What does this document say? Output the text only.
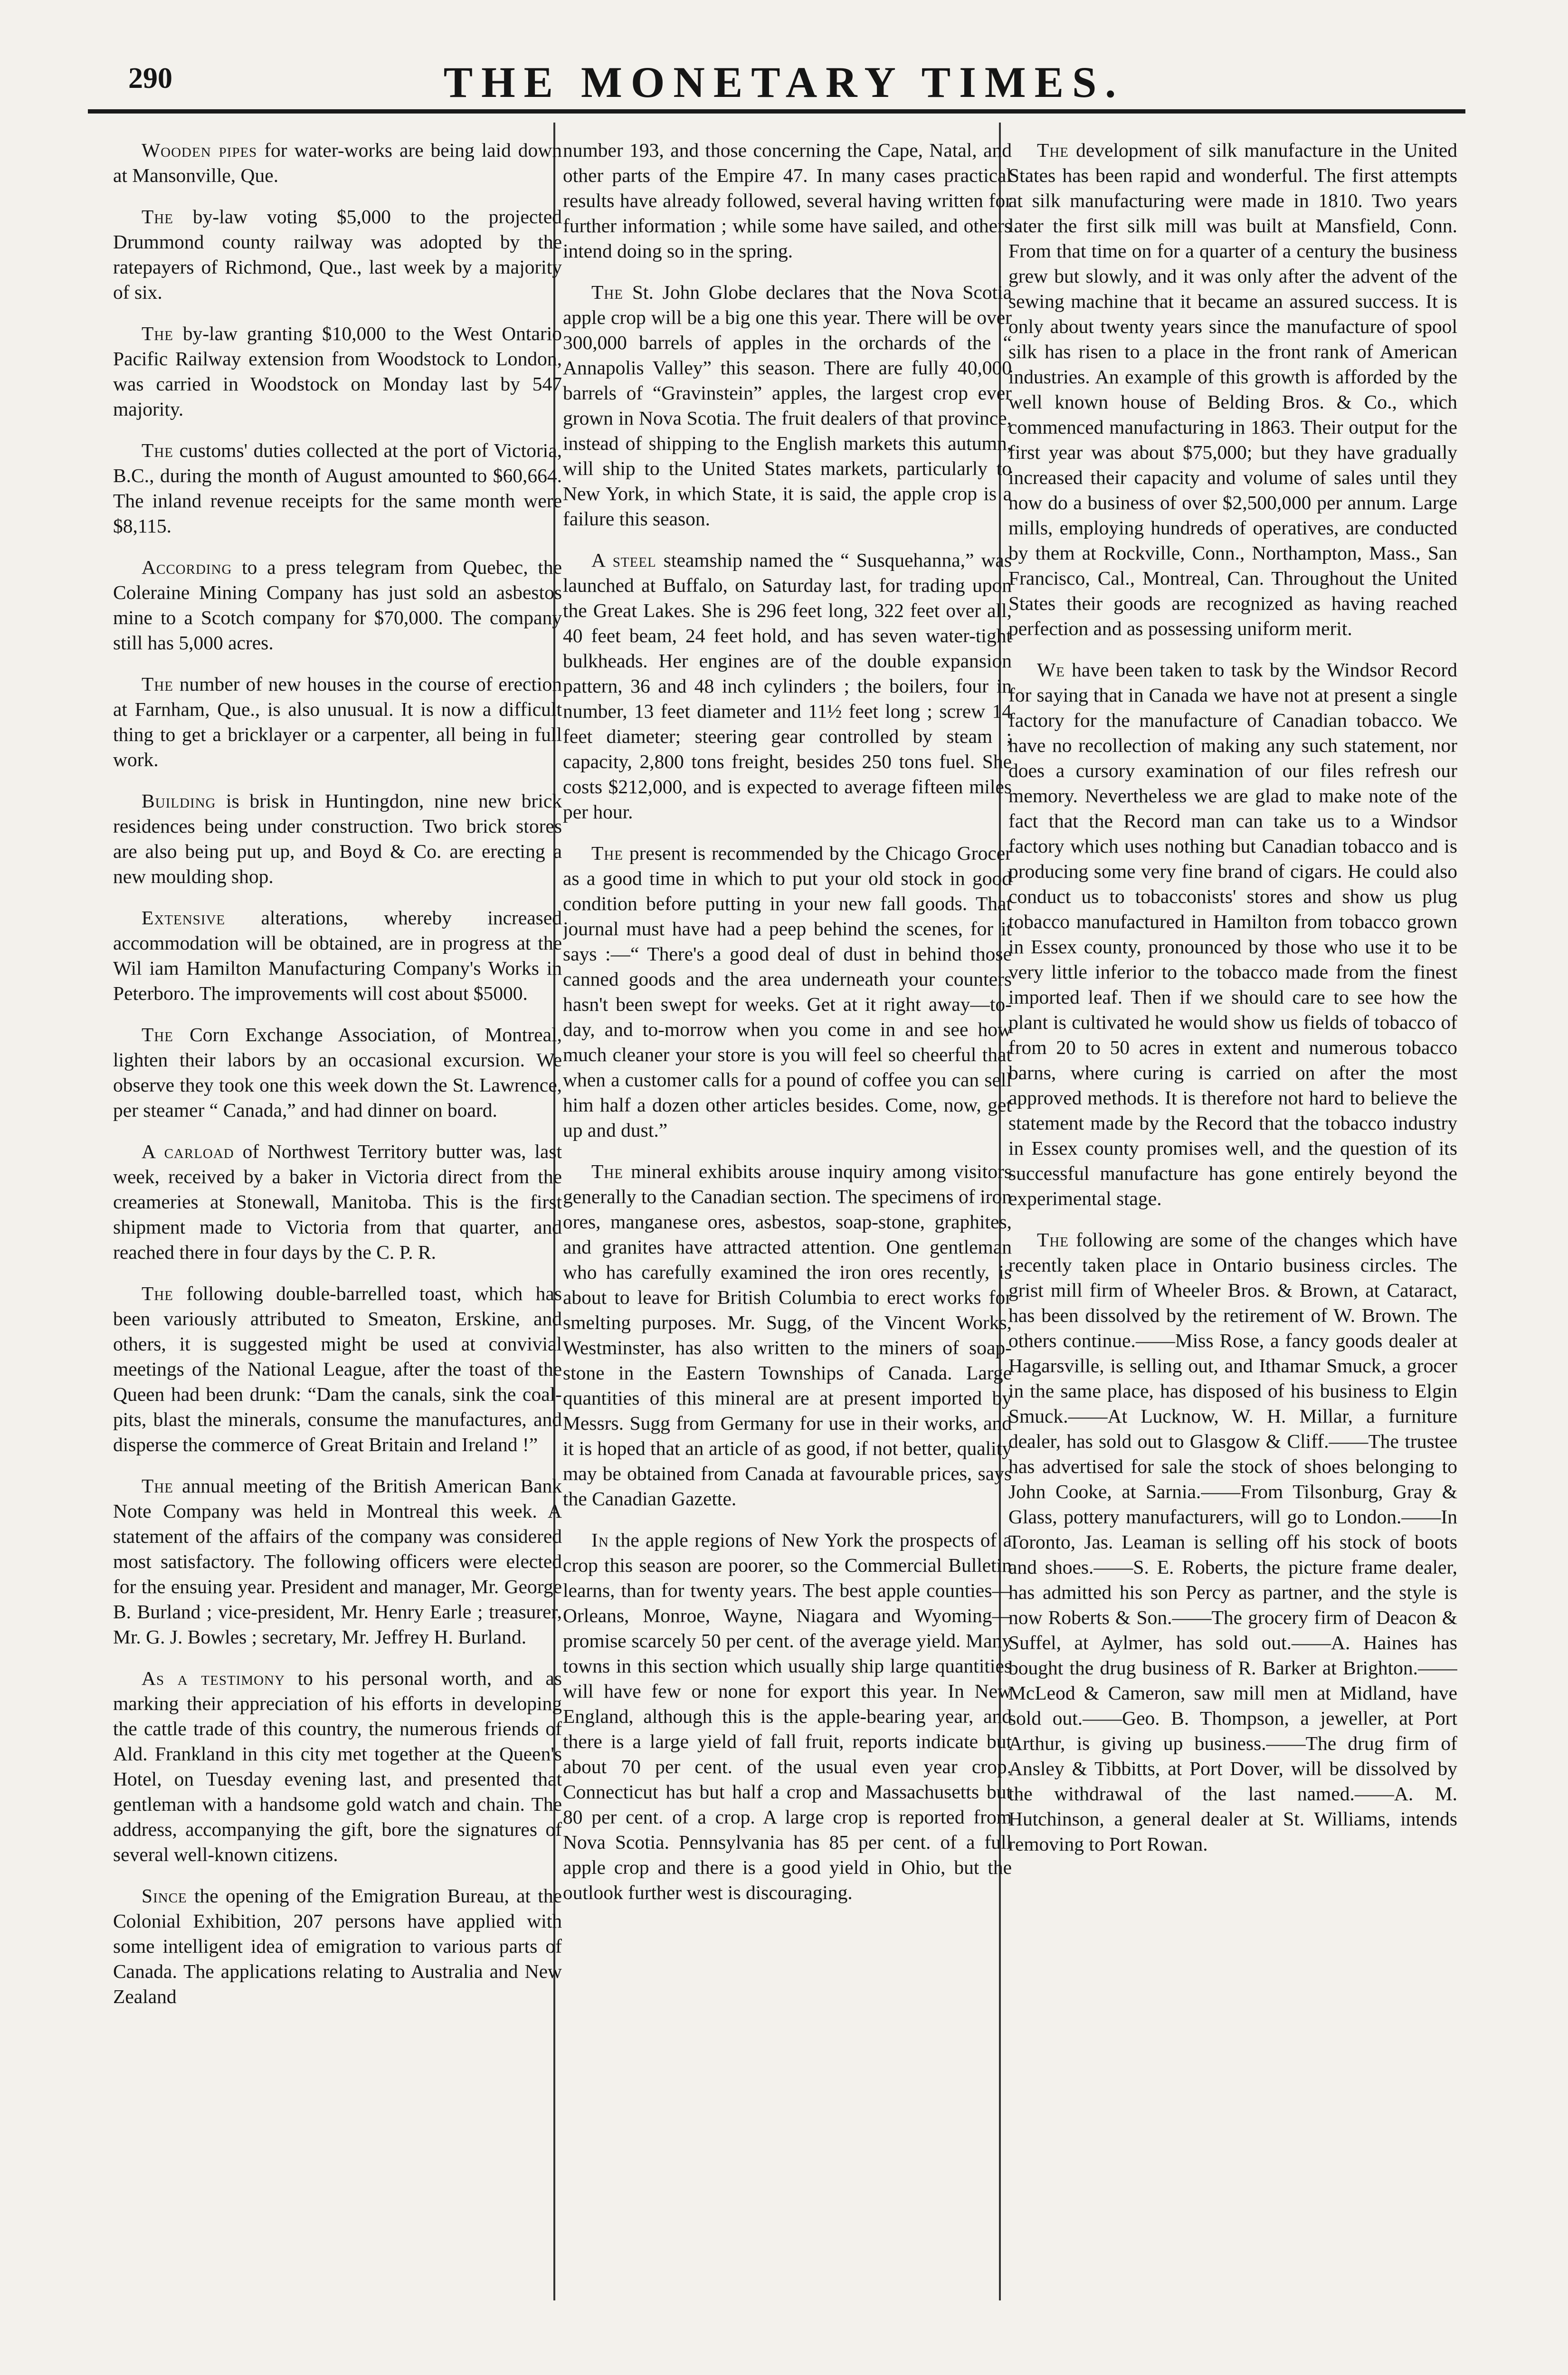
290	THE MONETARY TIMES.

Wooden pipes for water-works are being laid down at Mansonville, Que.

The by-law voting $5,000 to the projected Drummond county railway was adopted by the ratepayers of Richmond, Que., last week by a majority of six.

The by-law granting $10,000 to the West Ontario Pacific Railway extension from Woodstock to London, was carried in Woodstock on Monday last by 547 majority.

The customs' duties collected at the port of Victoria, B.C., during the month of August amounted to $60,664. The inland revenue receipts for the same month were $8,115.

According to a press telegram from Quebec, the Coleraine Mining Company has just sold an asbestos mine to a Scotch company for $70,000. The company still has 5,000 acres.

The number of new houses in the course of erection at Farnham, Que., is also unusual. It is now a difficult thing to get a bricklayer or a carpenter, all being in full work.

Building is brisk in Huntingdon, nine new brick residences being under construction. Two brick stores are also being put up, and Boyd & Co. are erecting a new moulding shop.

Extensive alterations, whereby increased accommodation will be obtained, are in progress at the Wil iam Hamilton Manufacturing Company's Works in Peterboro. The improvements will cost about $5000.

The Corn Exchange Association, of Montreal, lighten their labors by an occasional excursion. We observe they took one this week down the St. Lawrence, per steamer “ Canada,” and had dinner on board.

A carload of Northwest Territory butter was, last week, received by a baker in Victoria direct from the creameries at Stonewall, Manitoba. This is the first shipment made to Victoria from that quarter, and reached there in four days by the C. P. R.

The following double-barrelled toast, which has been variously attributed to Smeaton, Erskine, and others, it is suggested might be used at convivial meetings of the National League, after the toast of the Queen had been drunk: “Dam the canals, sink the coal-pits, blast the minerals, consume the manufactures, and disperse the commerce of Great Britain and Ireland !”

The annual meeting of the British American Bank Note Company was held in Montreal this week. A statement of the affairs of the company was considered most satisfactory. The following officers were elected for the ensuing year. President and manager, Mr. George B. Burland ; vice-president, Mr. Henry Earle ; treasurer, Mr. G. J. Bowles ; secretary, Mr. Jeffrey H. Burland.

As a testimony to his personal worth, and as marking their appreciation of his efforts in developing the cattle trade of this country, the numerous friends of Ald. Frankland in this city met together at the Queen's Hotel, on Tuesday evening last, and presented that gentleman with a handsome gold watch and chain. The address, accompanying the gift, bore the signatures of several well-known citizens.

Since the opening of the Emigration Bureau, at the Colonial Exhibition, 207 persons have applied with some intelligent idea of emigration to various parts of Canada. The applications relating to Australia and New Zealand

number 193, and those concerning the Cape, Natal, and other parts of the Empire 47. In many cases practical results have already followed, several having written for further information ; while some have sailed, and others intend doing so in the spring.

The St. John Globe declares that the Nova Scotia apple crop will be a big one this year. There will be over 300,000 barrels of apples in the orchards of the “ Annapolis Valley” this season. There are fully 40,000 barrels of “Gravinstein” apples, the largest crop ever grown in Nova Scotia. The fruit dealers of that province, instead of shipping to the English markets this autumn, will ship to the United States markets, particularly to New York, in which State, it is said, the apple crop is a failure this season.

A steel steamship named the “ Susquehanna,” was launched at Buffalo, on Saturday last, for trading upon the Great Lakes. She is 296 feet long, 322 feet over all, 40 feet beam, 24 feet hold, and has seven water-tight bulkheads. Her engines are of the double expansion pattern, 36 and 48 inch cylinders ; the boilers, four in number, 13 feet diameter and 11½ feet long ; screw 14 feet diameter; steering gear controlled by steam ; capacity, 2,800 tons freight, besides 250 tons fuel. She costs $212,000, and is expected to average fifteen miles per hour.

The present is recommended by the Chicago Grocer as a good time in which to put your old stock in good condition before putting in your new fall goods. That journal must have had a peep behind the scenes, for it says :—“ There's a good deal of dust in behind those canned goods and the area underneath your counters hasn't been swept for weeks. Get at it right away—to-day, and to-morrow when you come in and see how much cleaner your store is you will feel so cheerful that when a customer calls for a pound of coffee you can sell him half a dozen other articles besides. Come, now, get up and dust.”

The mineral exhibits arouse inquiry among visitors generally to the Canadian section. The specimens of iron ores, manganese ores, asbestos, soap-stone, graphites, and granites have attracted attention. One gentleman who has carefully examined the iron ores recently, is about to leave for British Columbia to erect works for smelting purposes. Mr. Sugg, of the Vincent Works, Westminster, has also written to the miners of soap-stone in the Eastern Townships of Canada. Large quantities of this mineral are at present imported by Messrs. Sugg from Germany for use in their works, and it is hoped that an article of as good, if not better, quality may be obtained from Canada at favourable prices, says the Canadian Gazette.

In the apple regions of New York the prospects of a crop this season are poorer, so the Commercial Bulletin learns, than for twenty years. The best apple counties—Orleans, Monroe, Wayne, Niagara and Wyoming—promise scarcely 50 per cent. of the average yield. Many towns in this section which usually ship large quantities will have few or none for export this year. In New England, although this is the apple-bearing year, and there is a large yield of fall fruit, reports indicate but about 70 per cent. of the usual even year crop. Connecticut has but half a crop and Massachusetts but 80 per cent. of a crop. A large crop is reported from Nova Scotia. Pennsylvania has 85 per cent. of a full apple crop and there is a good yield in Ohio, but the outlook further west is discouraging.

The development of silk manufacture in the United States has been rapid and wonderful. The first attempts at silk manufacturing were made in 1810. Two years later the first silk mill was built at Mansfield, Conn. From that time on for a quarter of a century the business grew but slowly, and it was only after the advent of the sewing machine that it became an assured success. It is only about twenty years since the manufacture of spool silk has risen to a place in the front rank of American industries. An example of this growth is afforded by the well known house of Belding Bros. & Co., which commenced manufacturing in 1863. Their output for the first year was about $75,000; but they have gradually increased their capacity and volume of sales until they now do a business of over $2,500,000 per annum. Large mills, employing hundreds of operatives, are conducted by them at Rockville, Conn., Northampton, Mass., San Francisco, Cal., Montreal, Can. Throughout the United States their goods are recognized as having reached perfection and as possessing uniform merit.

We have been taken to task by the Windsor Record for saying that in Canada we have not at present a single factory for the manufacture of Canadian tobacco. We have no recollection of making any such statement, nor does a cursory examination of our files refresh our memory. Nevertheless we are glad to make note of the fact that the Record man can take us to a Windsor factory which uses nothing but Canadian tobacco and is producing some very fine brand of cigars. He could also conduct us to tobacconists' stores and show us plug tobacco manufactured in Hamilton from tobacco grown in Essex county, pronounced by those who use it to be very little inferior to the tobacco made from the finest imported leaf. Then if we should care to see how the plant is cultivated he would show us fields of tobacco of from 20 to 50 acres in extent and numerous tobacco barns, where curing is carried on after the most approved methods. It is therefore not hard to believe the statement made by the Record that the tobacco industry in Essex county promises well, and the question of its successful manufacture has gone entirely beyond the experimental stage.

The following are some of the changes which have recently taken place in Ontario business circles. The grist mill firm of Wheeler Bros. & Brown, at Cataract, has been dissolved by the retirement of W. Brown. The others continue.——Miss Rose, a fancy goods dealer at Hagarsville, is selling out, and Ithamar Smuck, a grocer in the same place, has disposed of his business to Elgin Smuck.——At Lucknow, W. H. Millar, a furniture dealer, has sold out to Glasgow & Cliff.——The trustee has advertised for sale the stock of shoes belonging to John Cooke, at Sarnia.——From Tilsonburg, Gray & Glass, pottery manufacturers, will go to London.——In Toronto, Jas. Leaman is selling off his stock of boots and shoes.——S. E. Roberts, the picture frame dealer, has admitted his son Percy as partner, and the style is now Roberts & Son.——The grocery firm of Deacon & Suffel, at Aylmer, has sold out.——A. Haines has bought the drug business of R. Barker at Brighton.——McLeod & Cameron, saw mill men at Midland, have sold out.——Geo. B. Thompson, a jeweller, at Port Arthur, is giving up business.——The drug firm of Ansley & Tibbitts, at Port Dover, will be dissolved by the withdrawal of the last named.——A. M. Hutchinson, a general dealer at St. Williams, intends removing to Port Rowan.
